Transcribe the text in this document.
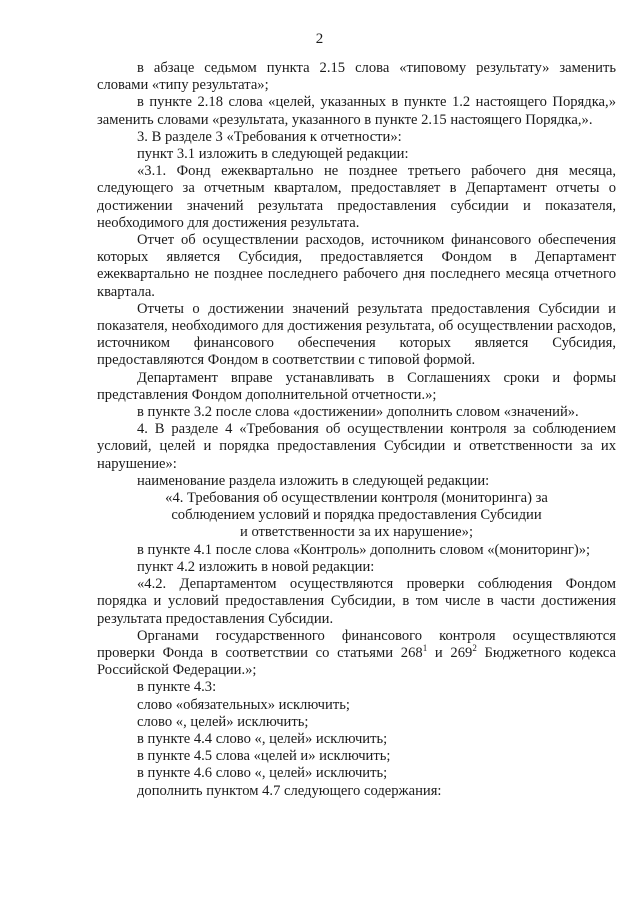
2

в абзаце седьмом пункта 2.15 слова «типовому результату» заменить словами «типу результата»;

в пункте 2.18 слова «целей, указанных в пункте 1.2 настоящего Порядка,» заменить словами «результата, указанного в пункте 2.15 настоящего Порядка,».

3. В разделе 3 «Требования к отчетности»:

пункт 3.1 изложить в следующей редакции:

«3.1. Фонд ежеквартально не позднее третьего рабочего дня месяца, следующего за отчетным кварталом, предоставляет в Департамент отчеты о достижении значений результата предоставления субсидии и показателя, необходимого для достижения результата.

Отчет об осуществлении расходов, источником финансового обеспечения которых является Субсидия, предоставляется Фондом в Департамент ежеквартально не позднее последнего рабочего дня последнего месяца отчетного квартала.

Отчеты о достижении значений результата предоставления Субсидии и показателя, необходимого для достижения результата, об осуществлении расходов, источником финансового обеспечения которых является Субсидия, предоставляются Фондом в соответствии с типовой формой.

Департамент вправе устанавливать в Соглашениях сроки и формы представления Фондом дополнительной отчетности.»;

в пункте 3.2 после слова «достижении» дополнить словом «значений».

4. В разделе 4 «Требования об осуществлении контроля за соблюдением условий, целей и порядка предоставления Субсидии и ответственности за их нарушение»:

наименование раздела изложить в следующей редакции:

«4. Требования об осуществлении контроля (мониторинга) за
соблюдением условий и порядка предоставления Субсидии
и ответственности за их нарушение»;

в пункте 4.1 после слова «Контроль» дополнить словом «(мониторинг)»;

пункт 4.2 изложить в новой редакции:

«4.2. Департаментом осуществляются проверки соблюдения Фондом порядка и условий предоставления Субсидии, в том числе в части достижения результата предоставления Субсидии.

Органами государственного финансового контроля осуществляются проверки Фонда в соответствии со статьями $268^1$ и $269^2$ Бюджетного кодекса Российской Федерации.»;

в пункте 4.3:

слово «обязательных» исключить;

слово «, целей» исключить;

в пункте 4.4 слово «, целей» исключить;

в пункте 4.5 слова «целей и» исключить;

в пункте 4.6 слово «, целей» исключить;

дополнить пунктом 4.7 следующего содержания:
